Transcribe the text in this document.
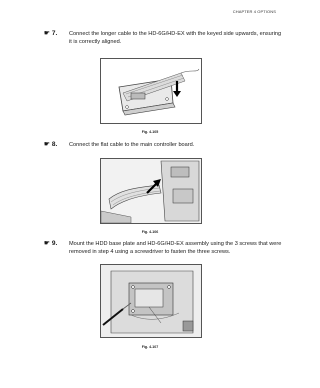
CHAPTER 4 OPTIONS
☛ 7. Connect the longer cable to the HD-6G/HD-EX with the keyed side upwards, ensuring it is correctly aligned.
Fig. 4-105
☛ 8. Connect the flat cable to the main controller board.
Fig. 4-106
☛ 9. Mount the HDD base plate and HD-6G/HD-EX assembly using the 3 screws that were removed in step 4 using a screwdriver to fasten the three screws.
Fig. 4-107
